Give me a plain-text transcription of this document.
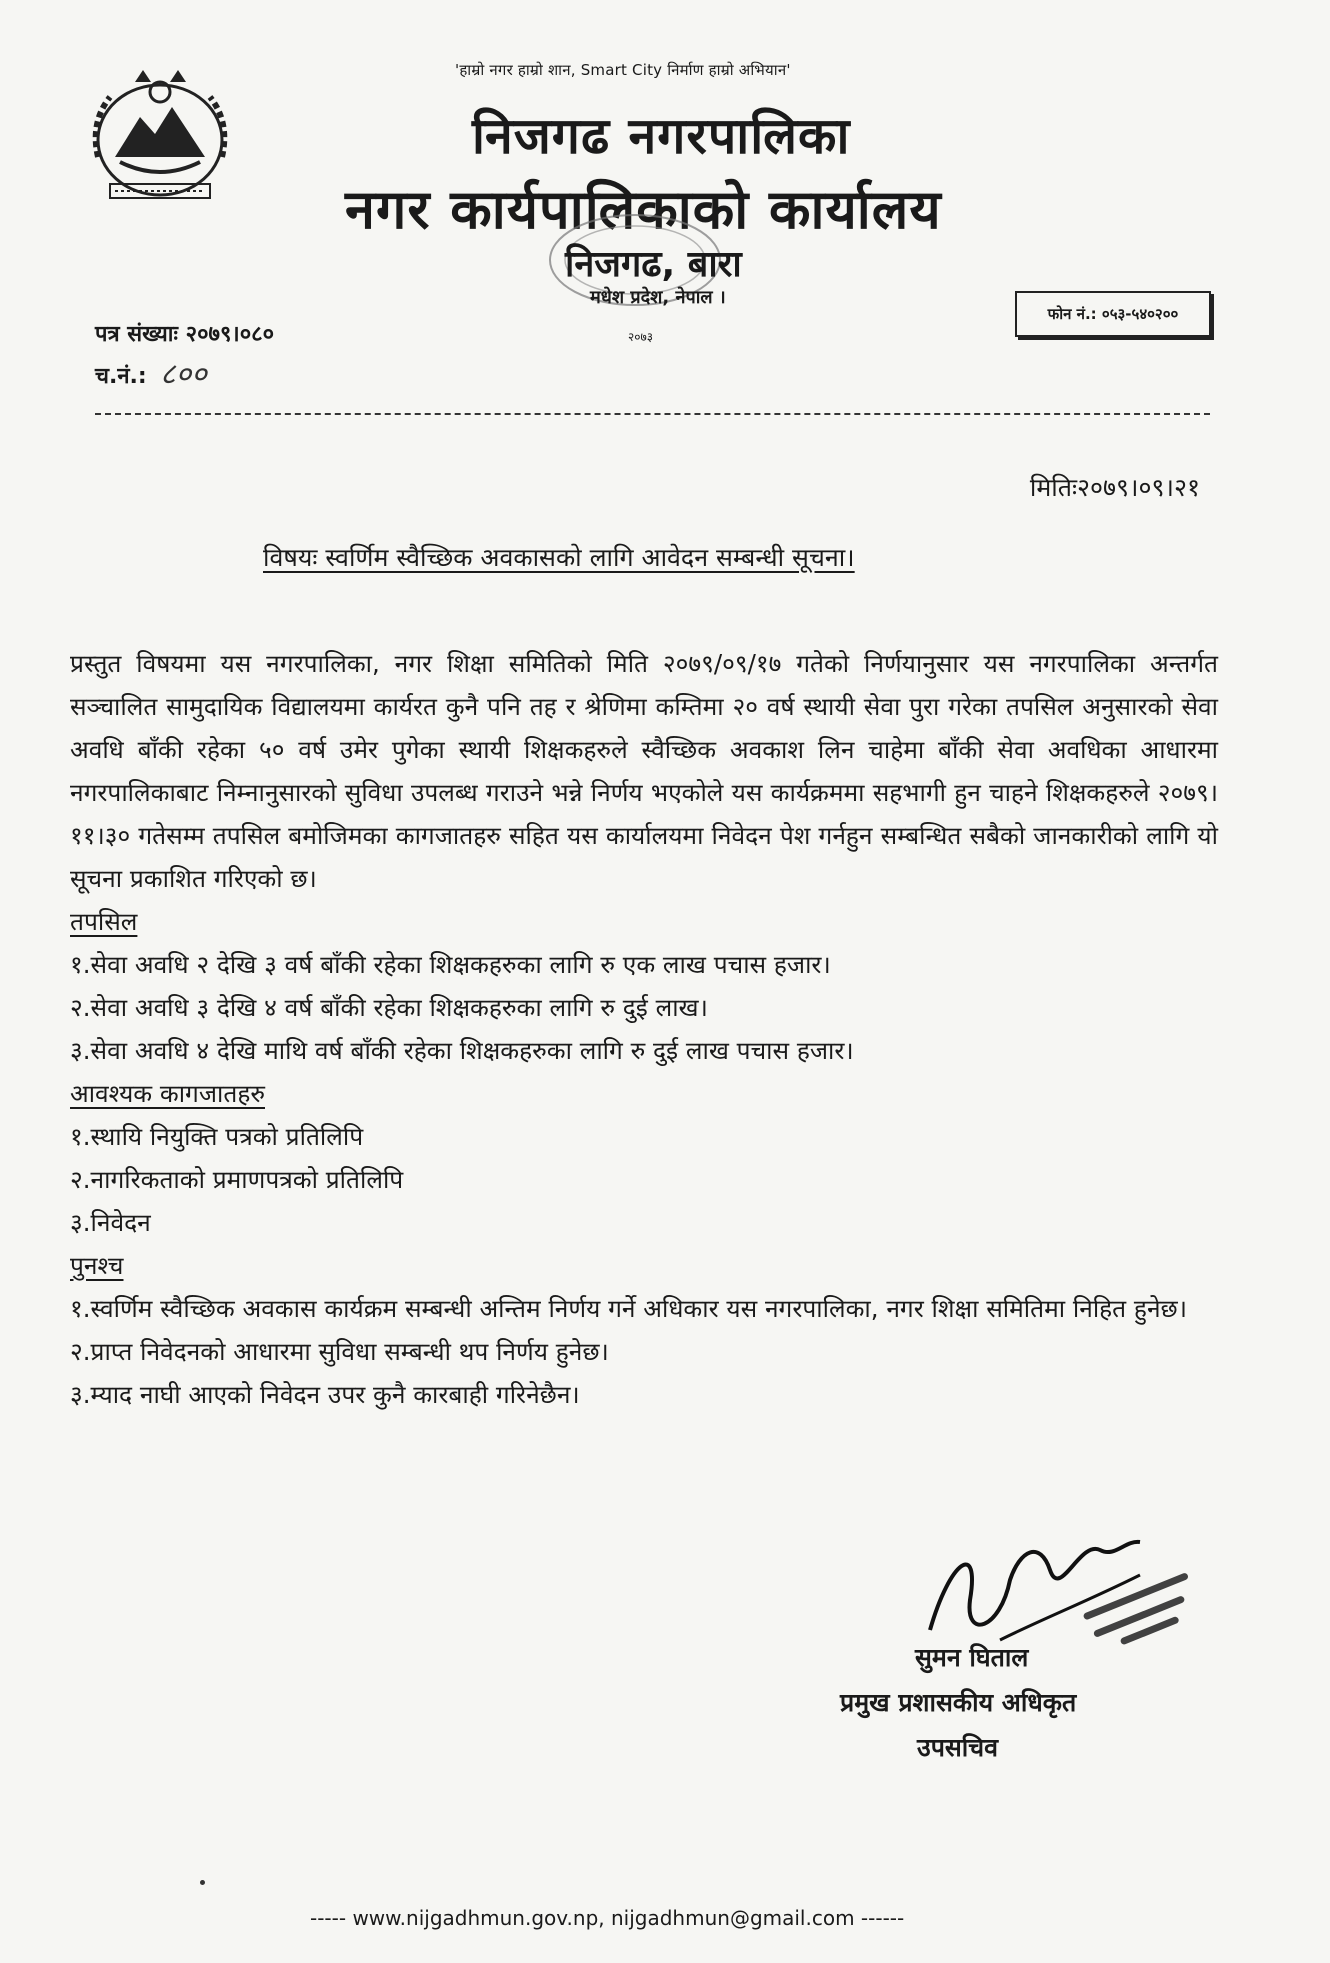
'हाम्रो नगर हाम्रो शान, Smart City निर्माण हाम्रो अभियान'
निजगढ नगरपालिका
नगर कार्यपालिकाको कार्यालय
निजगढ, बारा
मधेश प्रदेश, नेपाल ।
२०७३
फोन नं.: ०५३-५४०२००
पत्र संख्याः २०७९।०८०
च.नं.: ८००
मितिः२०७९।०९।२१
विषयः स्वर्णिम स्वैच्छिक अवकासको लागि आवेदन सम्बन्धी सूचना।
प्रस्तुत विषयमा यस नगरपालिका, नगर शिक्षा समितिको मिति २०७९/०९/१७ गतेको निर्णयानुसार यस नगरपालिका अन्तर्गत सञ्चालित सामुदायिक विद्यालयमा कार्यरत कुनै पनि तह र श्रेणिमा कम्तिमा २० वर्ष स्थायी सेवा पुरा गरेका तपसिल अनुसारको सेवा अवधि बाँकी रहेका ५० वर्ष उमेर पुगेका स्थायी शिक्षकहरुले स्वैच्छिक अवकाश लिन चाहेमा बाँकी सेवा अवधिका आधारमा नगरपालिकाबाट निम्नानुसारको सुविधा उपलब्ध गराउने भन्ने निर्णय भएकोले यस कार्यक्रममा सहभागी हुन चाहने शिक्षकहरुले २०७९।११।३० गतेसम्म तपसिल बमोजिमका कागजातहरु सहित यस कार्यालयमा निवेदन पेश गर्नहुन सम्बन्धित सबैको जानकारीको लागि यो सूचना प्रकाशित गरिएको छ।
तपसिल
१.सेवा अवधि २ देखि ३ वर्ष बाँकी रहेका शिक्षकहरुका लागि रु एक लाख पचास हजार।
२.सेवा अवधि ३ देखि ४ वर्ष बाँकी रहेका शिक्षकहरुका लागि रु दुई लाख।
३.सेवा अवधि ४ देखि माथि वर्ष बाँकी रहेका शिक्षकहरुका लागि रु दुई लाख पचास हजार।
आवश्यक कागजातहरु
१.स्थायि नियुक्ति पत्रको प्रतिलिपि
२.नागरिकताको प्रमाणपत्रको प्रतिलिपि
३.निवेदन
पुनश्च
१.स्वर्णिम स्वैच्छिक अवकास कार्यक्रम सम्बन्धी अन्तिम निर्णय गर्ने अधिकार यस नगरपालिका, नगर शिक्षा समितिमा निहित हुनेछ।
२.प्राप्त निवेदनको आधारमा सुविधा सम्बन्धी थप निर्णय हुनेछ।
३.म्याद नाघी आएको निवेदन उपर कुनै कारबाही गरिनेछैन।
सुमन घिताल
प्रमुख प्रशासकीय अधिकृत
उपसचिव
----- www.nijgadhmun.gov.np, nijgadhmun@gmail.com ------
